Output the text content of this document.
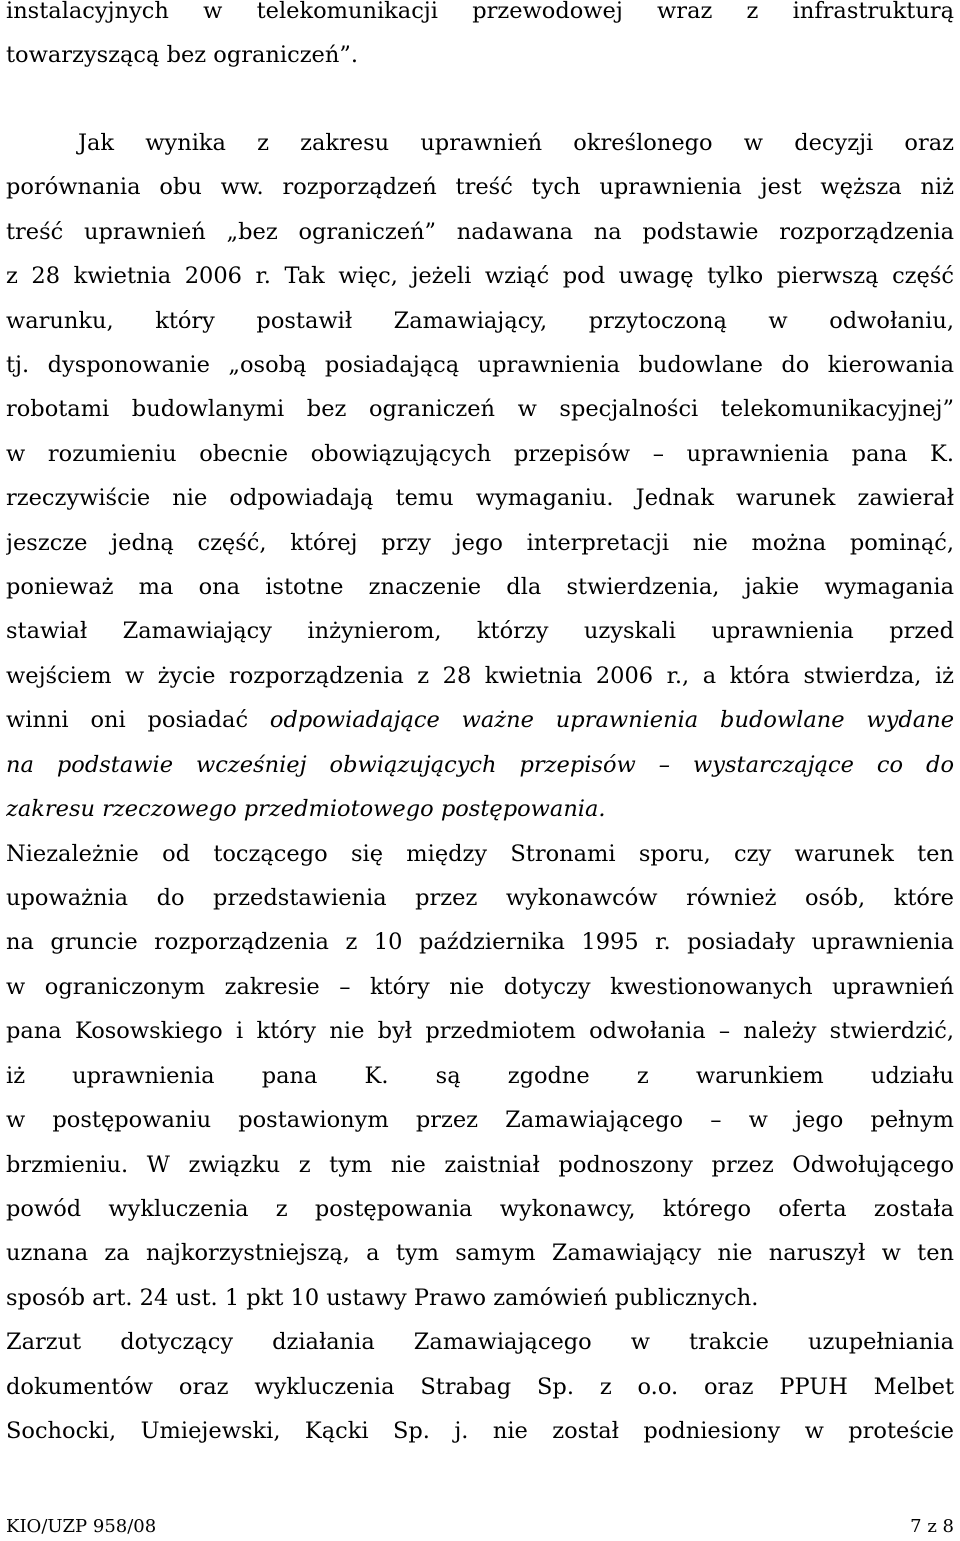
instalacyjnych w telekomunikacji przewodowej wraz z infrastrukturą
towarzyszącą bez ograniczeń”.
Jak wynika z zakresu uprawnień określonego w decyzji oraz
porównania obu ww. rozporządzeń treść tych uprawnienia jest węższa niż
treść uprawnień „bez ograniczeń” nadawana na podstawie rozporządzenia
z 28 kwietnia 2006 r. Tak więc, jeżeli wziąć pod uwagę tylko pierwszą część
warunku, który postawił Zamawiający, przytoczoną w odwołaniu,
tj. dysponowanie „osobą posiadającą uprawnienia budowlane do kierowania
robotami budowlanymi bez ograniczeń w specjalności telekomunikacyjnej”
w rozumieniu obecnie obowiązujących przepisów – uprawnienia pana K.
rzeczywiście nie odpowiadają temu wymaganiu. Jednak warunek zawierał
jeszcze jedną część, której przy jego interpretacji nie można pominąć,
ponieważ ma ona istotne znaczenie dla stwierdzenia, jakie wymagania
stawiał Zamawiający inżynierom, którzy uzyskali uprawnienia przed
wejściem w życie rozporządzenia z 28 kwietnia 2006 r., a która stwierdza, iż
winni oni posiadać odpowiadające ważne uprawnienia budowlane wydane
na podstawie wcześniej obwiązujących przepisów – wystarczające co do
zakresu rzeczowego przedmiotowego postępowania.
Niezależnie od toczącego się między Stronami sporu, czy warunek ten
upoważnia do przedstawienia przez wykonawców również osób, które
na gruncie rozporządzenia z 10 października 1995 r. posiadały uprawnienia
w ograniczonym zakresie – który nie dotyczy kwestionowanych uprawnień
pana Kosowskiego i który nie był przedmiotem odwołania – należy stwierdzić,
iż uprawnienia pana K. są zgodne z warunkiem udziału
w postępowaniu postawionym przez Zamawiającego – w jego pełnym
brzmieniu. W związku z tym nie zaistniał podnoszony przez Odwołującego
powód wykluczenia z postępowania wykonawcy, którego oferta została
uznana za najkorzystniejszą, a tym samym Zamawiający nie naruszył w ten
sposób art. 24 ust. 1 pkt 10 ustawy Prawo zamówień publicznych.
Zarzut dotyczący działania Zamawiającego w trakcie uzupełniania
dokumentów oraz wykluczenia Strabag Sp. z o.o. oraz PPUH Melbet
Sochocki, Umiejewski, Kącki Sp. j. nie został podniesiony w proteście
KIO/UZP 958/08	7 z 8
